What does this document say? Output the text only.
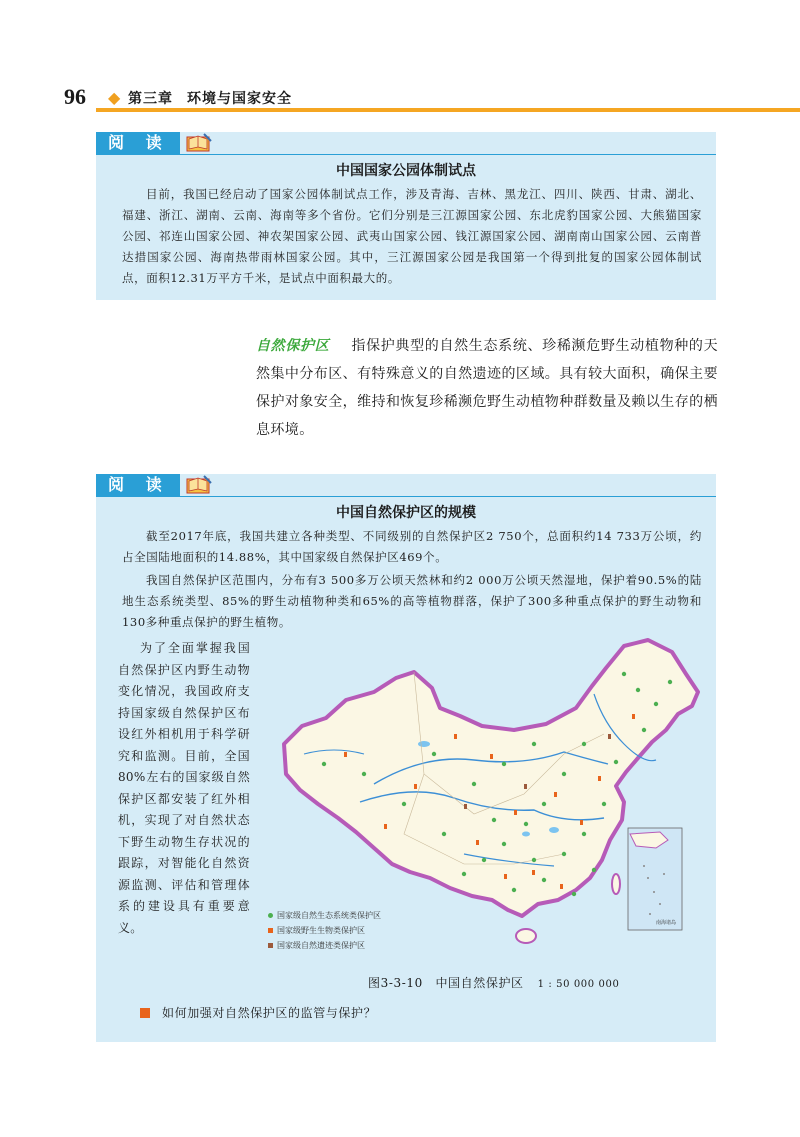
96 ◆ 第三章 环境与国家安全
阅 读
中国国家公园体制试点
目前，我国已经启动了国家公园体制试点工作，涉及青海、吉林、黑龙江、四川、陕西、甘肃、湖北、福建、浙江、湖南、云南、海南等多个省份。它们分别是三江源国家公园、东北虎豹国家公园、大熊猫国家公园、祁连山国家公园、神农架国家公园、武夷山国家公园、钱江源国家公园、湖南南山国家公园、云南普达措国家公园、海南热带雨林国家公园。其中，三江源国家公园是我国第一个得到批复的国家公园体制试点，面积12.31万平方千米，是试点中面积最大的。
自然保护区 指保护典型的自然生态系统、珍稀濒危野生动植物种的天然集中分布区、有特殊意义的自然遗迹的区域。具有较大面积，确保主要保护对象安全，维持和恢复珍稀濒危野生动植物种群数量及赖以生存的栖息环境。
阅 读
中国自然保护区的规模
截至2017年底，我国共建立各种类型、不同级别的自然保护区2 750个，总面积约14 733万公顷，约占全国陆地面积的14.88%，其中国家级自然保护区469个。
我国自然保护区范围内，分布有3 500多万公顷天然林和约2 000万公顷天然湿地，保护着90.5%的陆地生态系统类型、85%的野生动植物种类和65%的高等植物群落，保护了300多种重点保护的野生动物和130多种重点保护的野生植物。
为了全面掌握我国自然保护区内野生动物变化情况，我国政府支持国家级自然保护区布设红外相机用于科学研究和监测。目前，全国80%左右的国家级自然保护区都安装了红外相机，实现了对自然状态下野生动物生存状况的跟踪，对智能化自然资源监测、评估和管理体系的建设具有重要意义。	南海诸岛
国家级自然生态系统类保护区
国家级野生生物类保护区
国家级自然遗迹类保护区
图3-3-10　中国自然保护区 1 : 50 000 000
如何加强对自然保护区的监管与保护？
